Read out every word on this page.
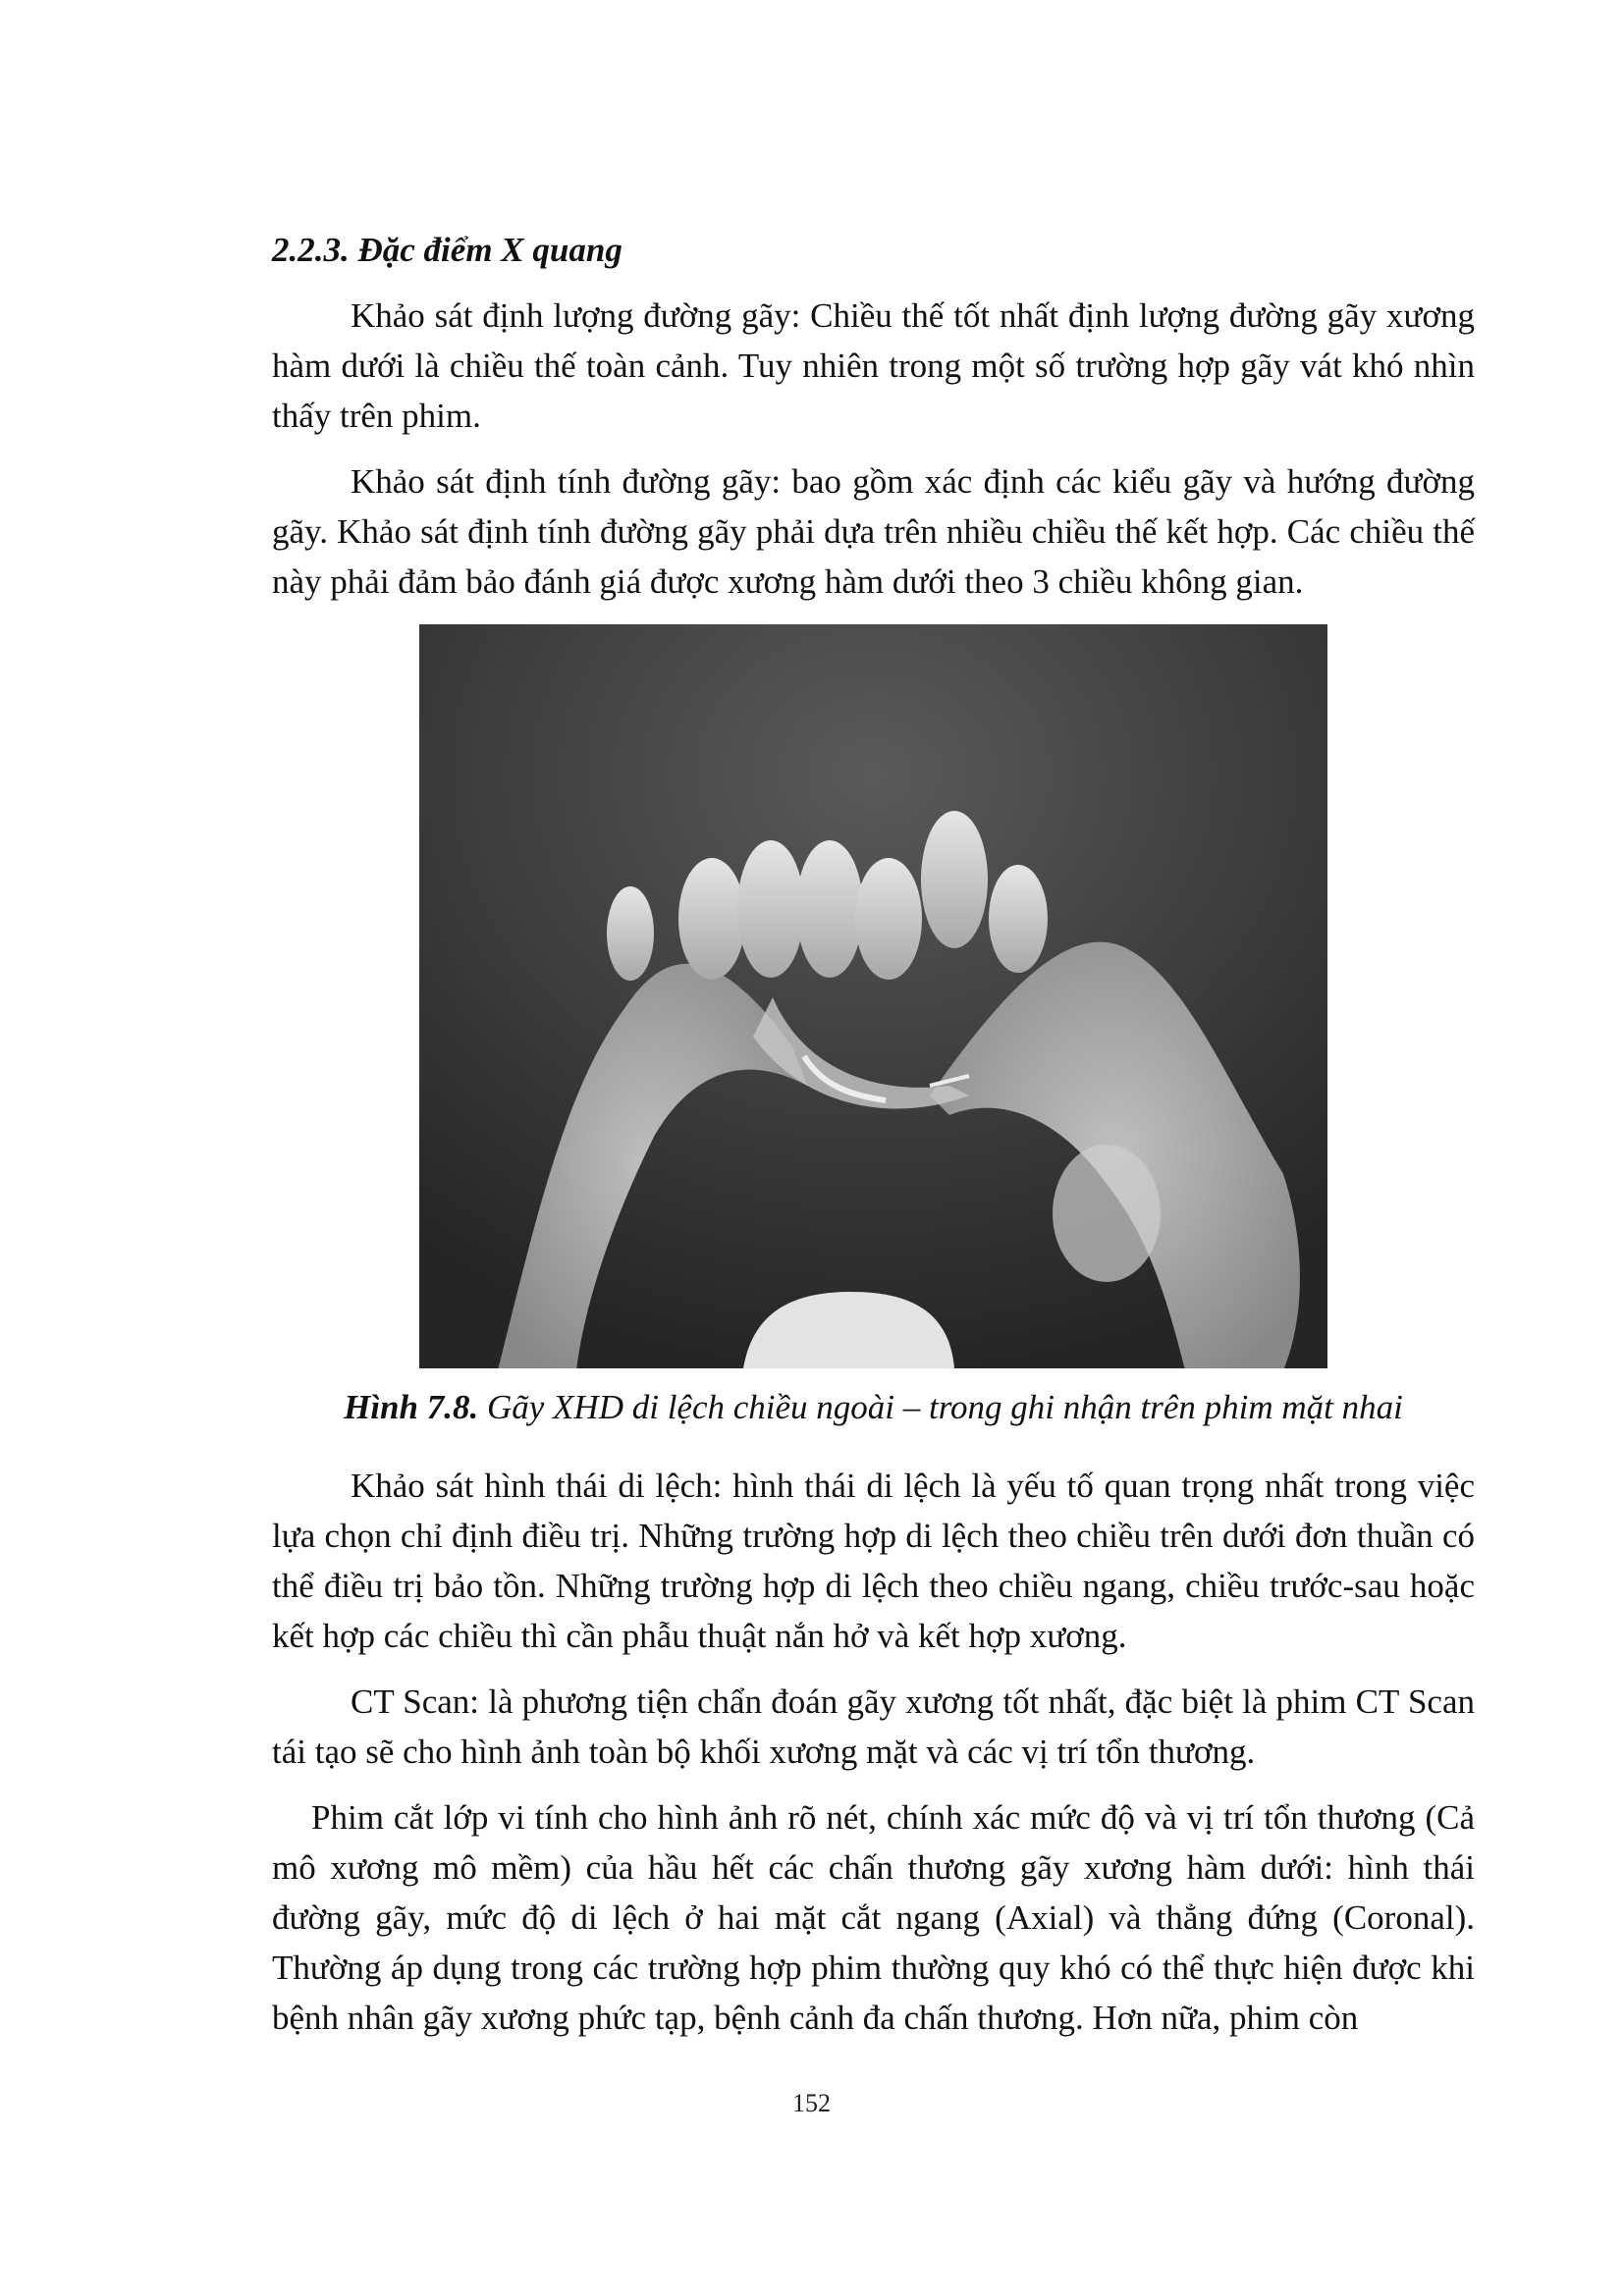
2.2.3. Đặc điểm X quang

Khảo sát định lượng đường gãy: Chiều thế tốt nhất định lượng đường gãy xương hàm dưới là chiều thế toàn cảnh. Tuy nhiên trong một số trường hợp gãy vát khó nhìn thấy trên phim.

Khảo sát định tính đường gãy: bao gồm xác định các kiểu gãy và hướng đường gãy. Khảo sát định tính đường gãy phải dựa trên nhiều chiều thế kết hợp. Các chiều thế này phải đảm bảo đánh giá được xương hàm dưới theo 3 chiều không gian.

Hình 7.8. Gãy XHD di lệch chiều ngoài – trong ghi nhận trên phim mặt nhai

Khảo sát hình thái di lệch: hình thái di lệch là yếu tố quan trọng nhất trong việc lựa chọn chỉ định điều trị. Những trường hợp di lệch theo chiều trên dưới đơn thuần có thể điều trị bảo tồn. Những trường hợp di lệch theo chiều ngang, chiều trước-sau hoặc kết hợp các chiều thì cần phẫu thuật nắn hở và kết hợp xương.

CT Scan: là phương tiện chẩn đoán gãy xương tốt nhất, đặc biệt là phim CT Scan tái tạo sẽ cho hình ảnh toàn bộ khối xương mặt và các vị trí tổn thương.

Phim cắt lớp vi tính cho hình ảnh rõ nét, chính xác mức độ và vị trí tổn thương (Cả mô xương mô mềm) của hầu hết các chấn thương gãy xương hàm dưới: hình thái đường gãy, mức độ di lệch ở hai mặt cắt ngang (Axial) và thẳng đứng (Coronal). Thường áp dụng trong các trường hợp phim thường quy khó có thể thực hiện được khi bệnh nhân gãy xương phức tạp, bệnh cảnh đa chấn thương. Hơn nữa, phim còn

152
